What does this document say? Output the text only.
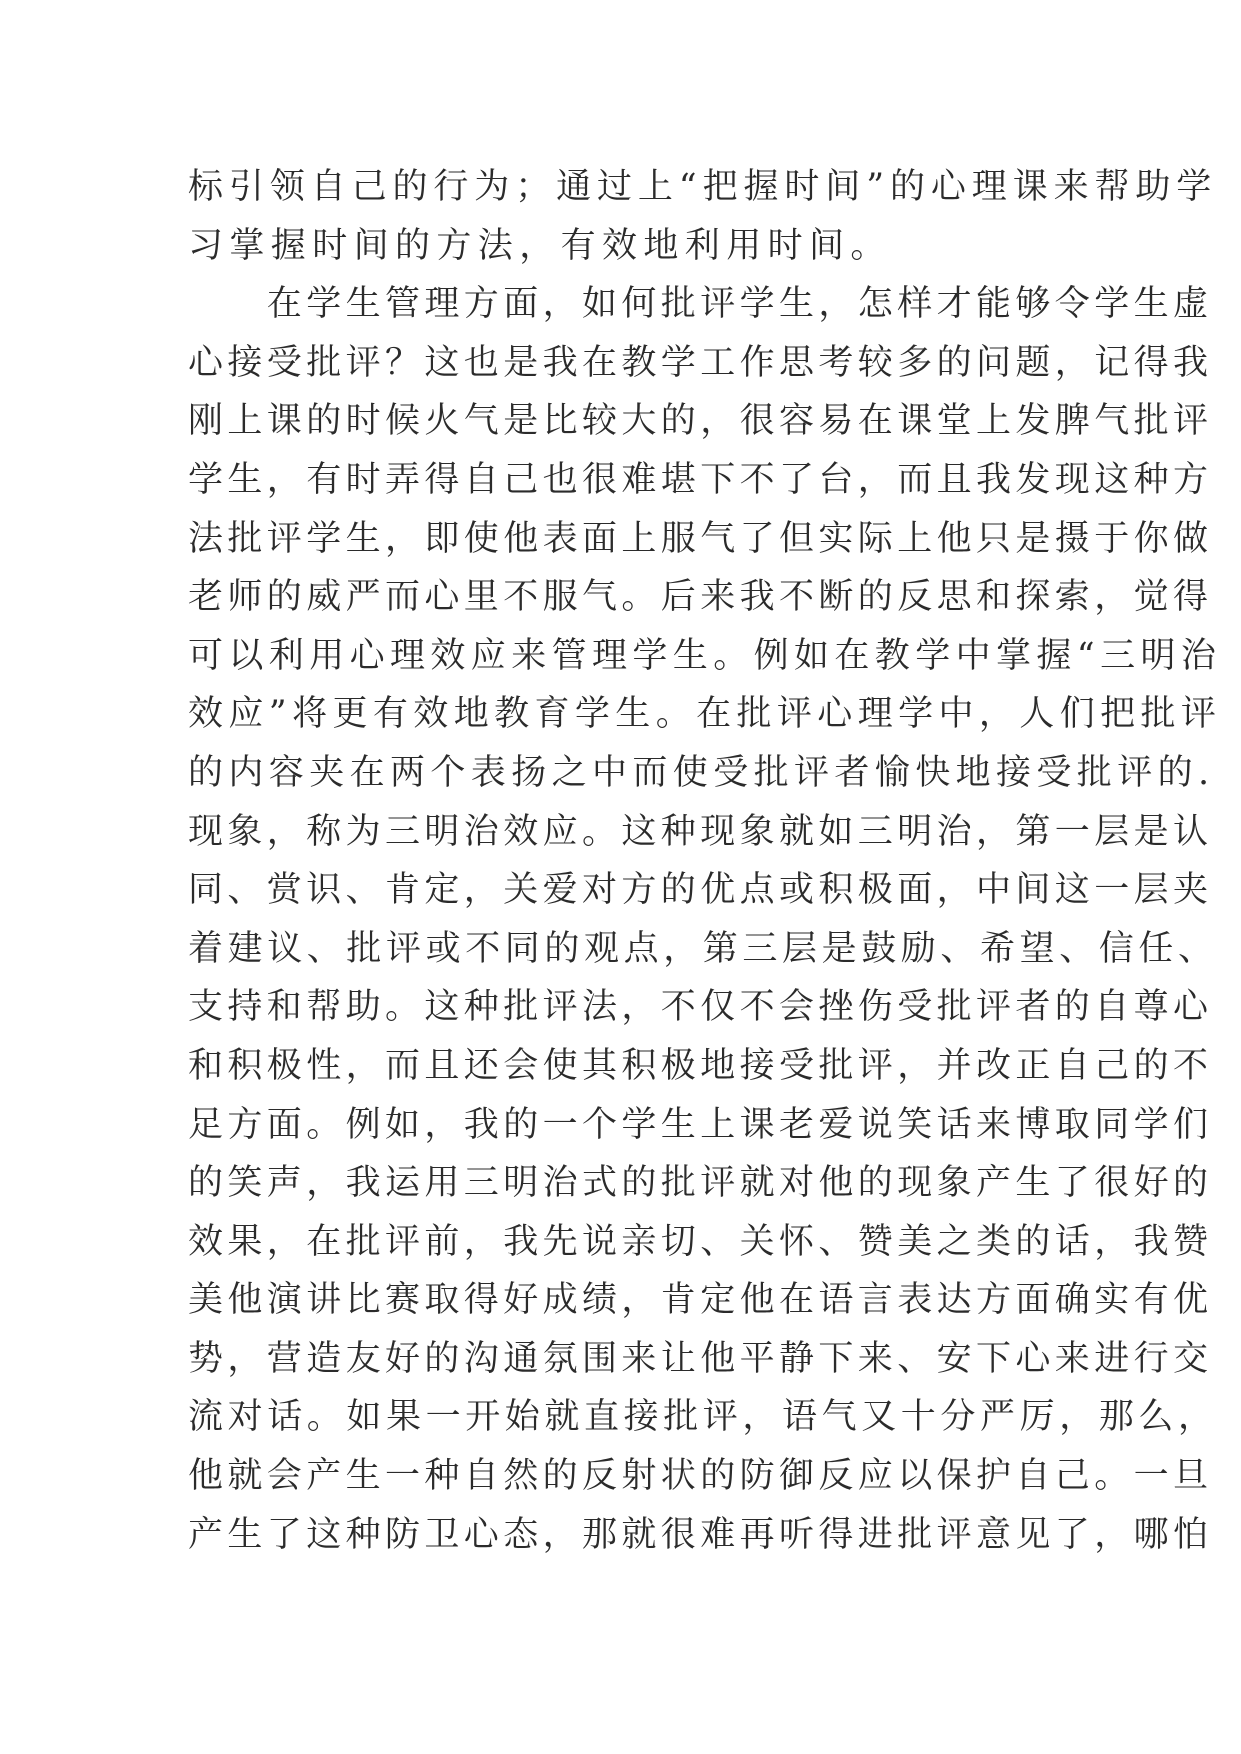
标引领自己的行为；通过上“把握时间”的心理课来帮助学
习掌握时间的方法，有效地利用时间。
　　在学生管理方面，如何批评学生，怎样才能够令学生虚
心接受批评？这也是我在教学工作思考较多的问题，记得我
刚上课的时候火气是比较大的，很容易在课堂上发脾气批评
学生，有时弄得自己也很难堪下不了台，而且我发现这种方
法批评学生，即使他表面上服气了但实际上他只是摄于你做
老师的威严而心里不服气。后来我不断的反思和探索，觉得
可以利用心理效应来管理学生。例如在教学中掌握“三明治
效应”将更有效地教育学生。在批评心理学中，人们把批评
的内容夹在两个表扬之中而使受批评者愉快地接受批评的.
现象，称为三明治效应。这种现象就如三明治，第一层是认
同、赏识、肯定，关爱对方的优点或积极面，中间这一层夹
着建议、批评或不同的观点，第三层是鼓励、希望、信任、
支持和帮助。这种批评法，不仅不会挫伤受批评者的自尊心
和积极性，而且还会使其积极地接受批评，并改正自己的不
足方面。例如，我的一个学生上课老爱说笑话来博取同学们
的笑声，我运用三明治式的批评就对他的现象产生了很好的
效果，在批评前，我先说亲切、关怀、赞美之类的话，我赞
美他演讲比赛取得好成绩，肯定他在语言表达方面确实有优
势，营造友好的沟通氛围来让他平静下来、安下心来进行交
流对话。如果一开始就直接批评，语气又十分严厉，那么，
他就会产生一种自然的反射状的防御反应以保护自己。一旦
产生了这种防卫心态，那就很难再听得进批评意见了，哪怕
